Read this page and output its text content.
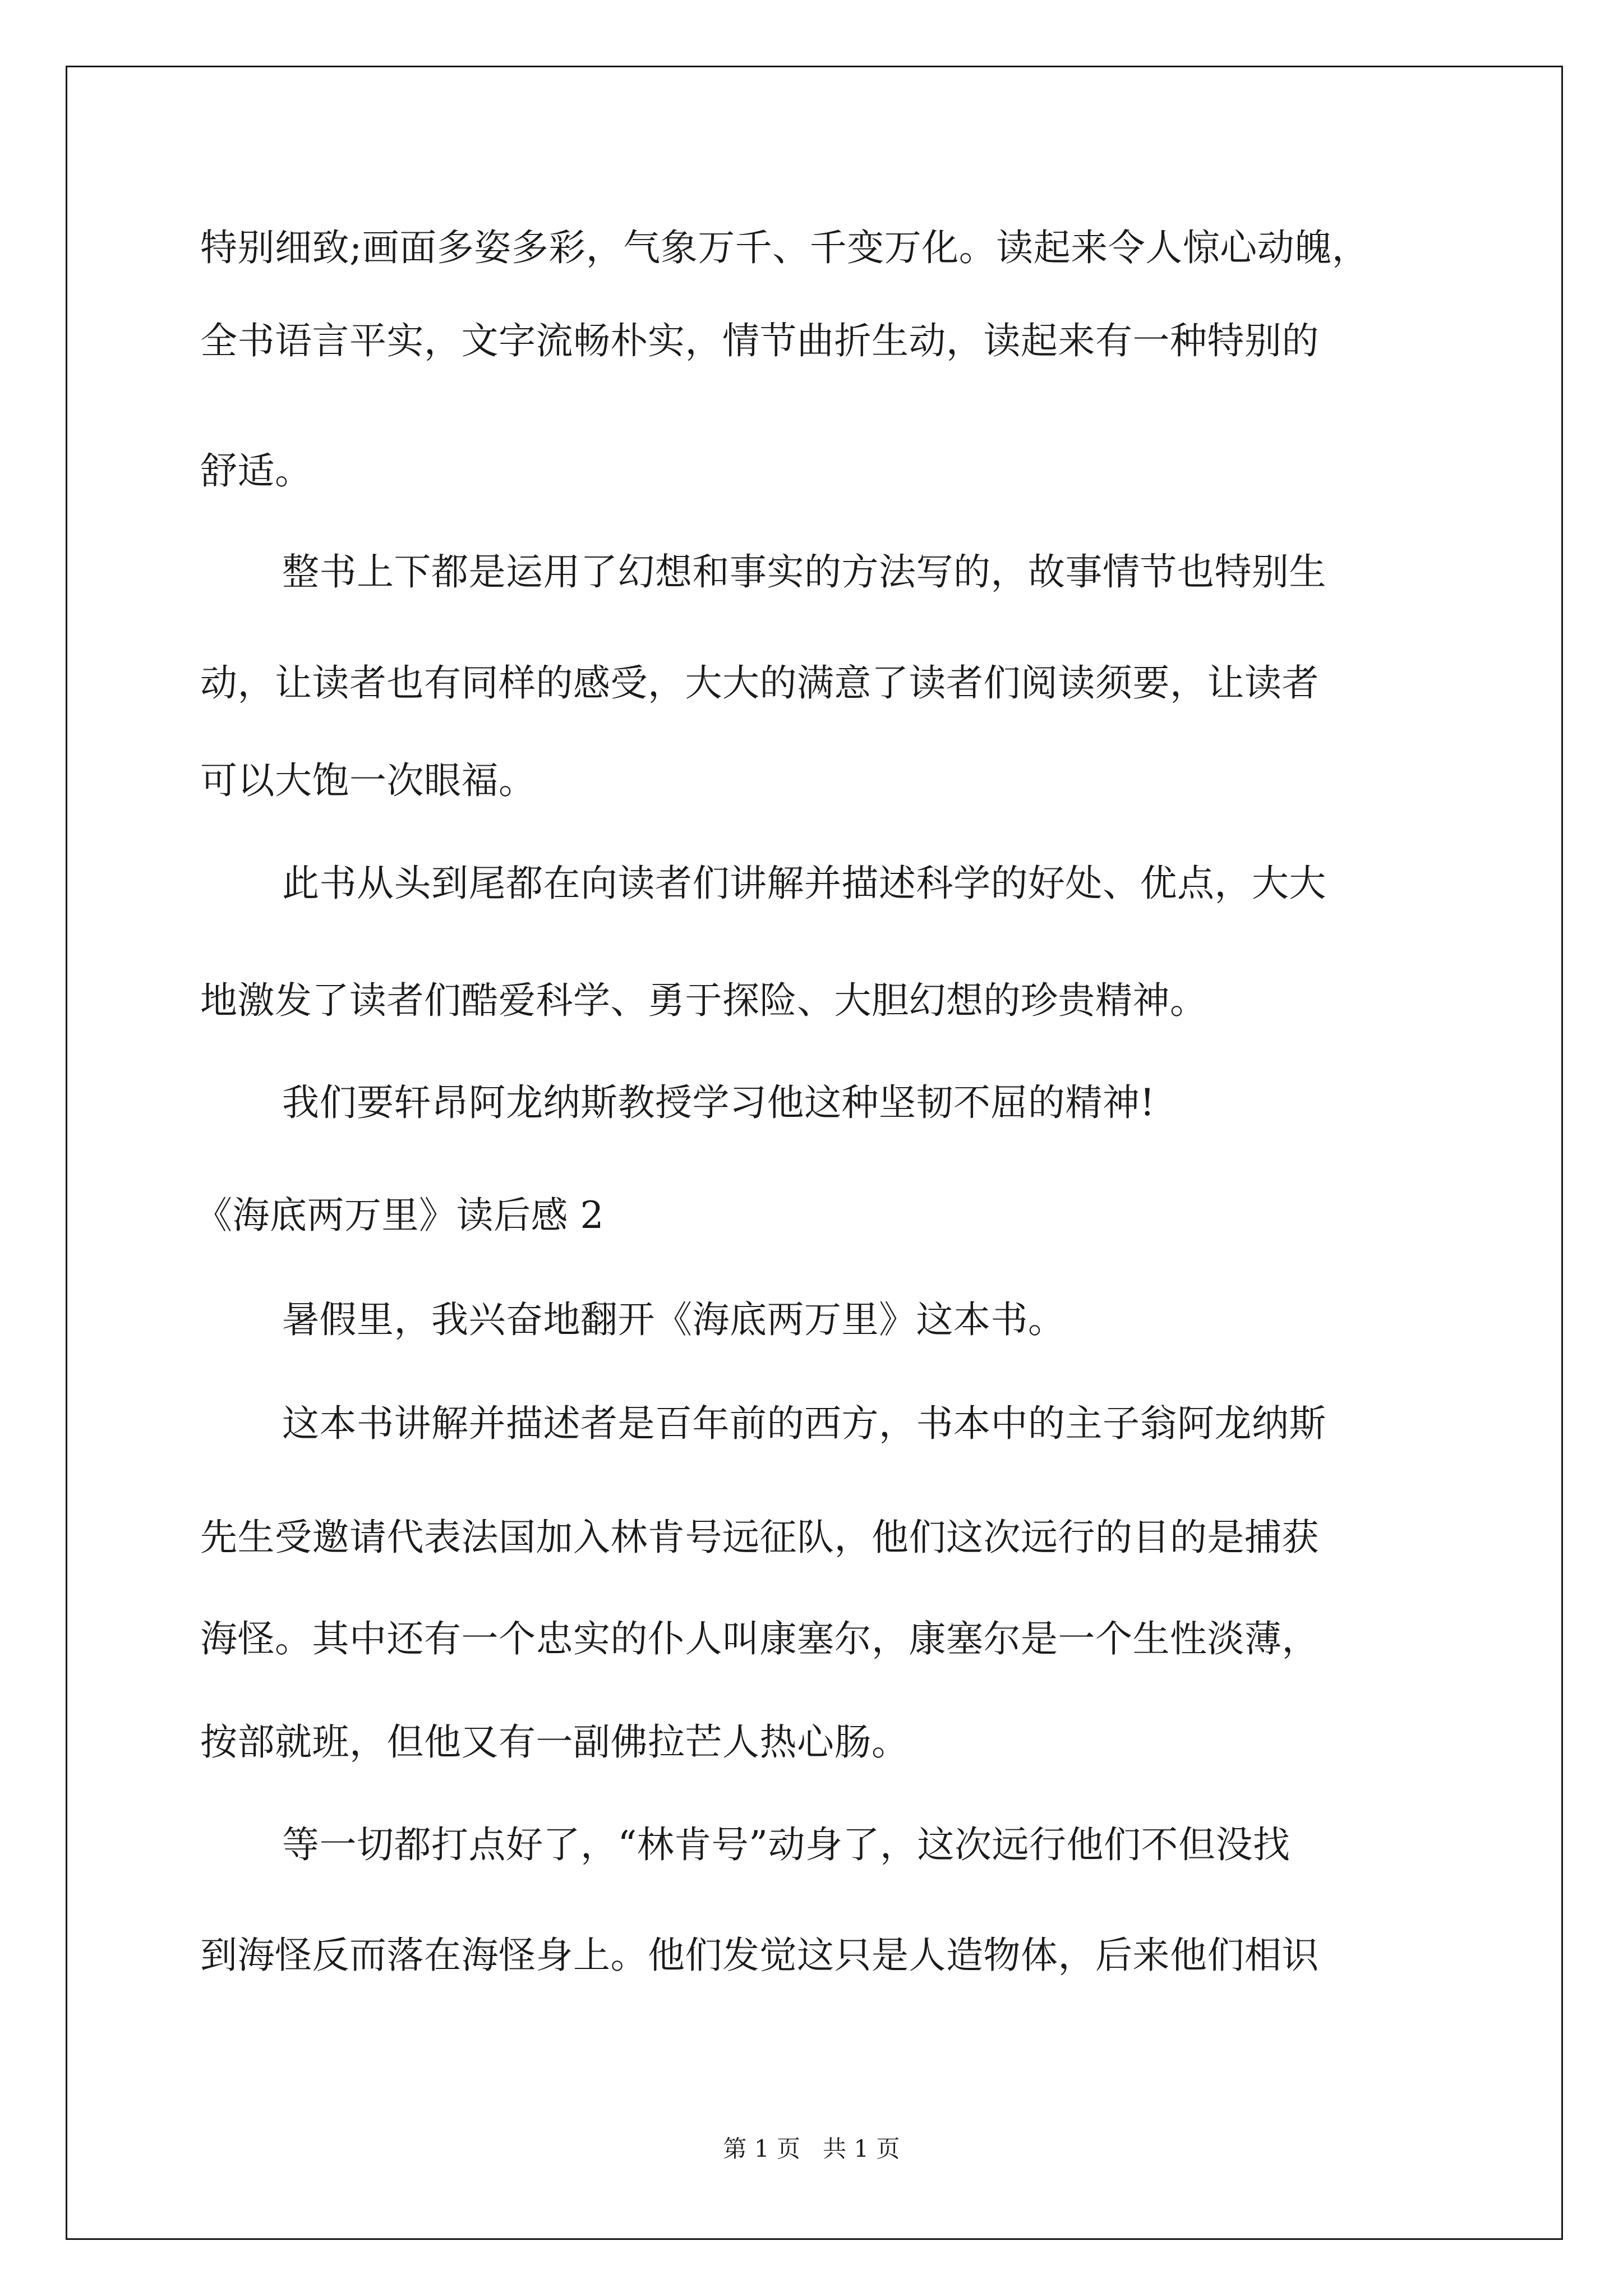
特别细致;画面多姿多彩，气象万千、千变万化。读起来令人惊心动魄，
全书语言平实，文字流畅朴实，情节曲折生动，读起来有一种特别的
舒适。
整书上下都是运用了幻想和事实的方法写的，故事情节也特别生
动，让读者也有同样的感受，大大的满意了读者们阅读须要，让读者
可以大饱一次眼福。
此书从头到尾都在向读者们讲解并描述科学的好处、优点，大大
地激发了读者们酷爱科学、勇于探险、大胆幻想的珍贵精神。
我们要轩昂阿龙纳斯教授学习他这种坚韧不屈的精神!
《海底两万里》读后感 2
暑假里，我兴奋地翻开《海底两万里》这本书。
这本书讲解并描述者是百年前的西方，书本中的主子翁阿龙纳斯
先生受邀请代表法国加入林肯号远征队，他们这次远行的目的是捕获
海怪。其中还有一个忠实的仆人叫康塞尔，康塞尔是一个生性淡薄，
按部就班，但他又有一副佛拉芒人热心肠。
等一切都打点好了，“林肯号”动身了，这次远行他们不但没找
到海怪反而落在海怪身上。他们发觉这只是人造物体，后来他们相识
第 1 页   共 1 页
